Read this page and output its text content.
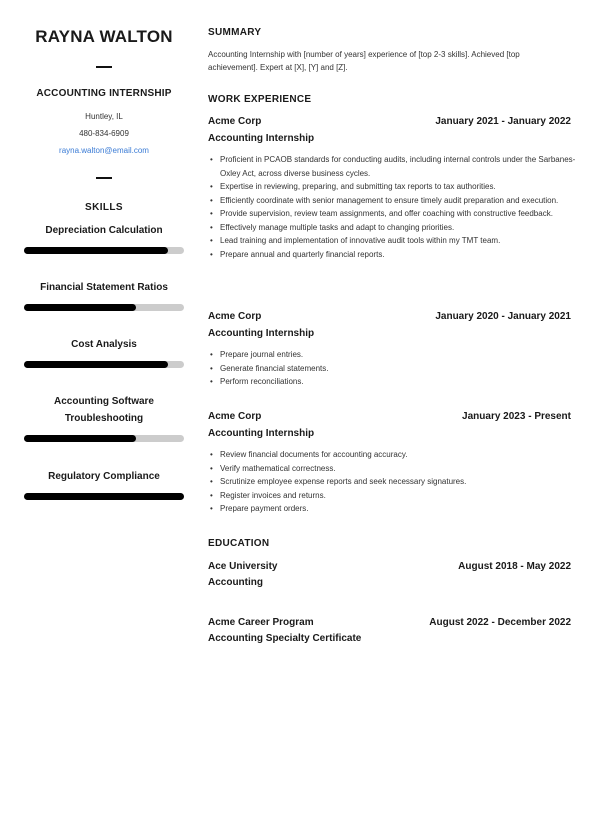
RAYNA WALTON
ACCOUNTING INTERNSHIP
Huntley, IL
480-834-6909
rayna.walton@email.com
SKILLS
Depreciation Calculation
Financial Statement Ratios
Cost Analysis
Accounting Software Troubleshooting
Regulatory Compliance
SUMMARY
Accounting Internship with [number of years] experience of [top 2-3 skills]. Achieved [top achievement]. Expert at [X], [Y] and [Z].
WORK EXPERIENCE
Acme Corp	January 2021 - January 2022
Accounting Internship
• Proficient in PCAOB standards for conducting audits, including internal controls under the Sarbanes-Oxley Act, across diverse business cycles.
• Expertise in reviewing, preparing, and submitting tax reports to tax authorities.
• Efficiently coordinate with senior management to ensure timely audit preparation and execution.
• Provide supervision, review team assignments, and offer coaching with constructive feedback.
• Effectively manage multiple tasks and adapt to changing priorities.
• Lead training and implementation of innovative audit tools within my TMT team.
• Prepare annual and quarterly financial reports.
Acme Corp	January 2020 - January 2021
Accounting Internship
• Prepare journal entries.
• Generate financial statements.
• Perform reconciliations.
Acme Corp	January 2023 - Present
Accounting Internship
• Review financial documents for accounting accuracy.
• Verify mathematical correctness.
• Scrutinize employee expense reports and seek necessary signatures.
• Register invoices and returns.
• Prepare payment orders.
EDUCATION
Ace University	August 2018 - May 2022
Accounting
Acme Career Program	August 2022 - December 2022
Accounting Specialty Certificate
